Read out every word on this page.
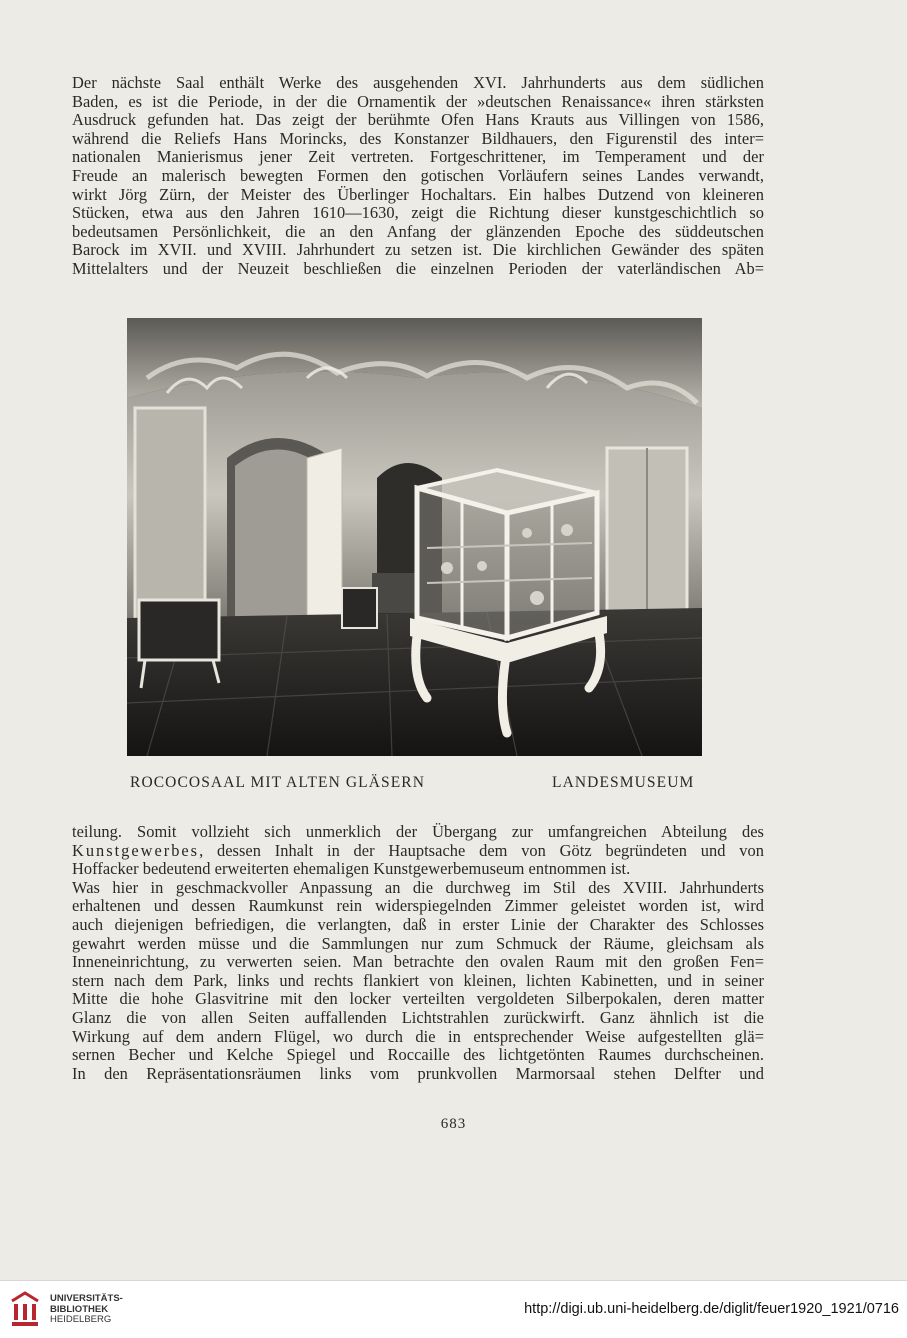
Der nächste Saal enthält Werke des ausgehenden XVI. Jahrhunderts aus dem südlichen
Baden, es ist die Periode, in der die Ornamentik der »deutschen Renaissance« ihren stärksten
Ausdruck gefunden hat. Das zeigt der berühmte Ofen Hans Krauts aus Villingen von 1586,
während die Reliefs Hans Morincks, des Konstanzer Bildhauers, den Figurenstil des inter=
nationalen Manierismus jener Zeit vertreten. Fortgeschrittener, im Temperament und der
Freude an malerisch bewegten Formen den gotischen Vorläufern seines Landes verwandt,
wirkt Jörg Zürn, der Meister des Überlinger Hochaltars. Ein halbes Dutzend von kleineren
Stücken, etwa aus den Jahren 1610—1630, zeigt die Richtung dieser kunstgeschichtlich so
bedeutsamen Persönlichkeit, die an den Anfang der glänzenden Epoche des süddeutschen
Barock im XVII. und XVIII. Jahrhundert zu setzen ist. Die kirchlichen Gewänder des späten
Mittelalters und der Neuzeit beschließen die einzelnen Perioden der vaterländischen Ab=

ROCOCOSAAL MIT ALTEN GLÄSERN	LANDESMUSEUM

teilung. Somit vollzieht sich unmerklich der Übergang zur umfangreichen Abteilung des
Kunstgewerbes, dessen Inhalt in der Hauptsache dem von Götz begründeten und von
Hoffacker bedeutend erweiterten ehemaligen Kunstgewerbemuseum entnommen ist.
Was hier in geschmackvoller Anpassung an die durchweg im Stil des XVIII. Jahrhunderts
erhaltenen und dessen Raumkunst rein widerspiegelnden Zimmer geleistet worden ist, wird
auch diejenigen befriedigen, die verlangten, daß in erster Linie der Charakter des Schlosses
gewahrt werden müsse und die Sammlungen nur zum Schmuck der Räume, gleichsam als
Inneneinrichtung, zu verwerten seien. Man betrachte den ovalen Raum mit den großen Fen=
stern nach dem Park, links und rechts flankiert von kleinen, lichten Kabinetten, und in seiner
Mitte die hohe Glasvitrine mit den locker verteilten vergoldeten Silberpokalen, deren matter
Glanz die von allen Seiten auffallenden Lichtstrahlen zurückwirft. Ganz ähnlich ist die
Wirkung auf dem andern Flügel, wo durch die in entsprechender Weise aufgestellten glä=
sernen Becher und Kelche Spiegel und Roccaille des lichtgetönten Raumes durchscheinen.
In den Repräsentationsräumen links vom prunkvollen Marmorsaal stehen Delfter und

683

UNIVERSITÄTS-
BIBLIOTHEK
HEIDELBERG

http://digi.ub.uni-heidelberg.de/diglit/feuer1920_1921/0716
